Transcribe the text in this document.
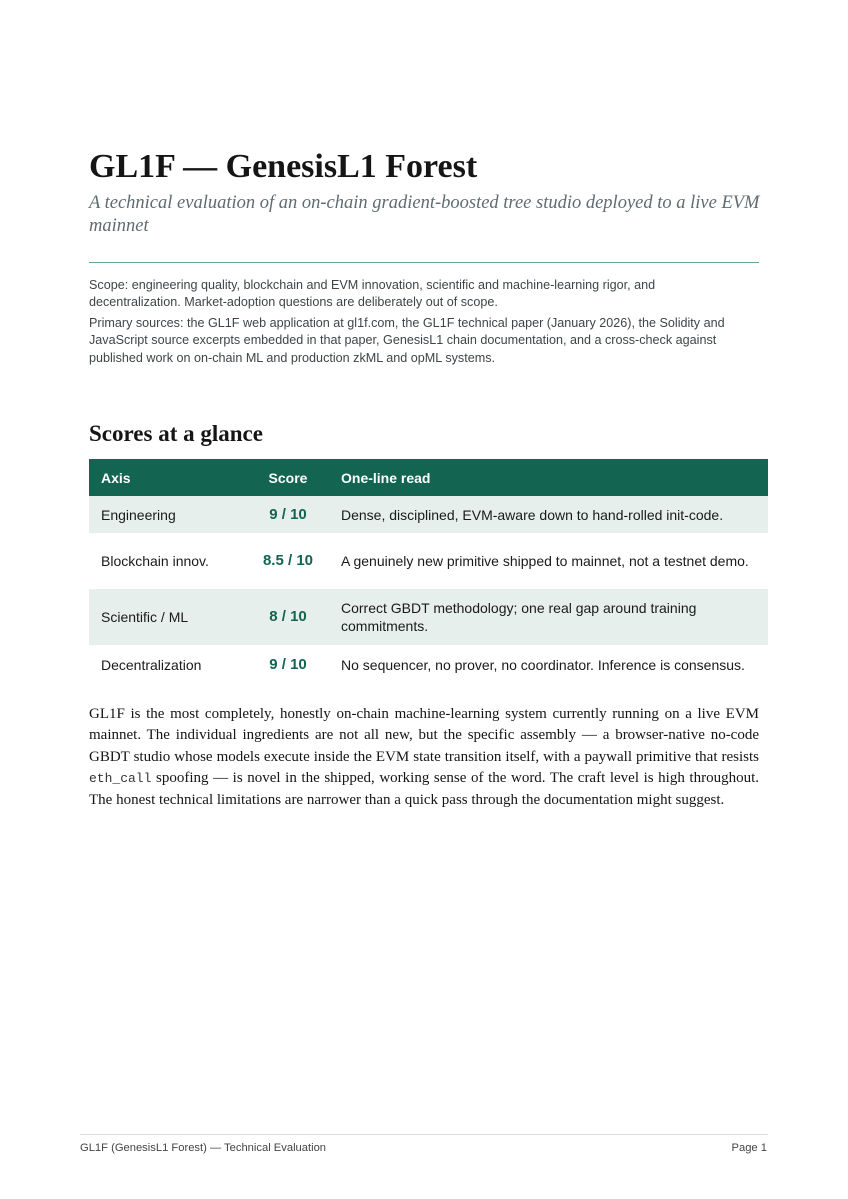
GL1F — GenesisL1 Forest

A technical evaluation of an on-chain gradient-boosted tree studio deployed to a live EVM mainnet

Scope: engineering quality, blockchain and EVM innovation, scientific and machine-learning rigor, and decentralization. Market-adoption questions are deliberately out of scope.

Primary sources: the GL1F web application at gl1f.com, the GL1F technical paper (January 2026), the Solidity and JavaScript source excerpts embedded in that paper, GenesisL1 chain documentation, and a cross-check against published work on on-chain ML and production zkML and opML systems.

Scores at a glance
Axis	Score	One-line read
Engineering	9 / 10	Dense, disciplined, EVM-aware down to hand-rolled init-code.
Blockchain innov.	8.5 / 10	A genuinely new primitive shipped to mainnet, not a testnet demo.
Scientific / ML	8 / 10	Correct GBDT methodology; one real gap around training commitments.
Decentralization	9 / 10	No sequencer, no prover, no coordinator. Inference is consensus.

GL1F is the most completely, honestly on-chain machine-learning system currently running on a live EVM mainnet. The individual ingredients are not all new, but the specific assembly — a browser-native no-code GBDT studio whose models execute inside the EVM state transition itself, with a paywall primitive that resists eth_call spoofing — is novel in the shipped, working sense of the word. The craft level is high throughout. The honest technical limitations are narrower than a quick pass through the documentation might suggest.

GL1F (GenesisL1 Forest) — Technical Evaluation	Page 1
